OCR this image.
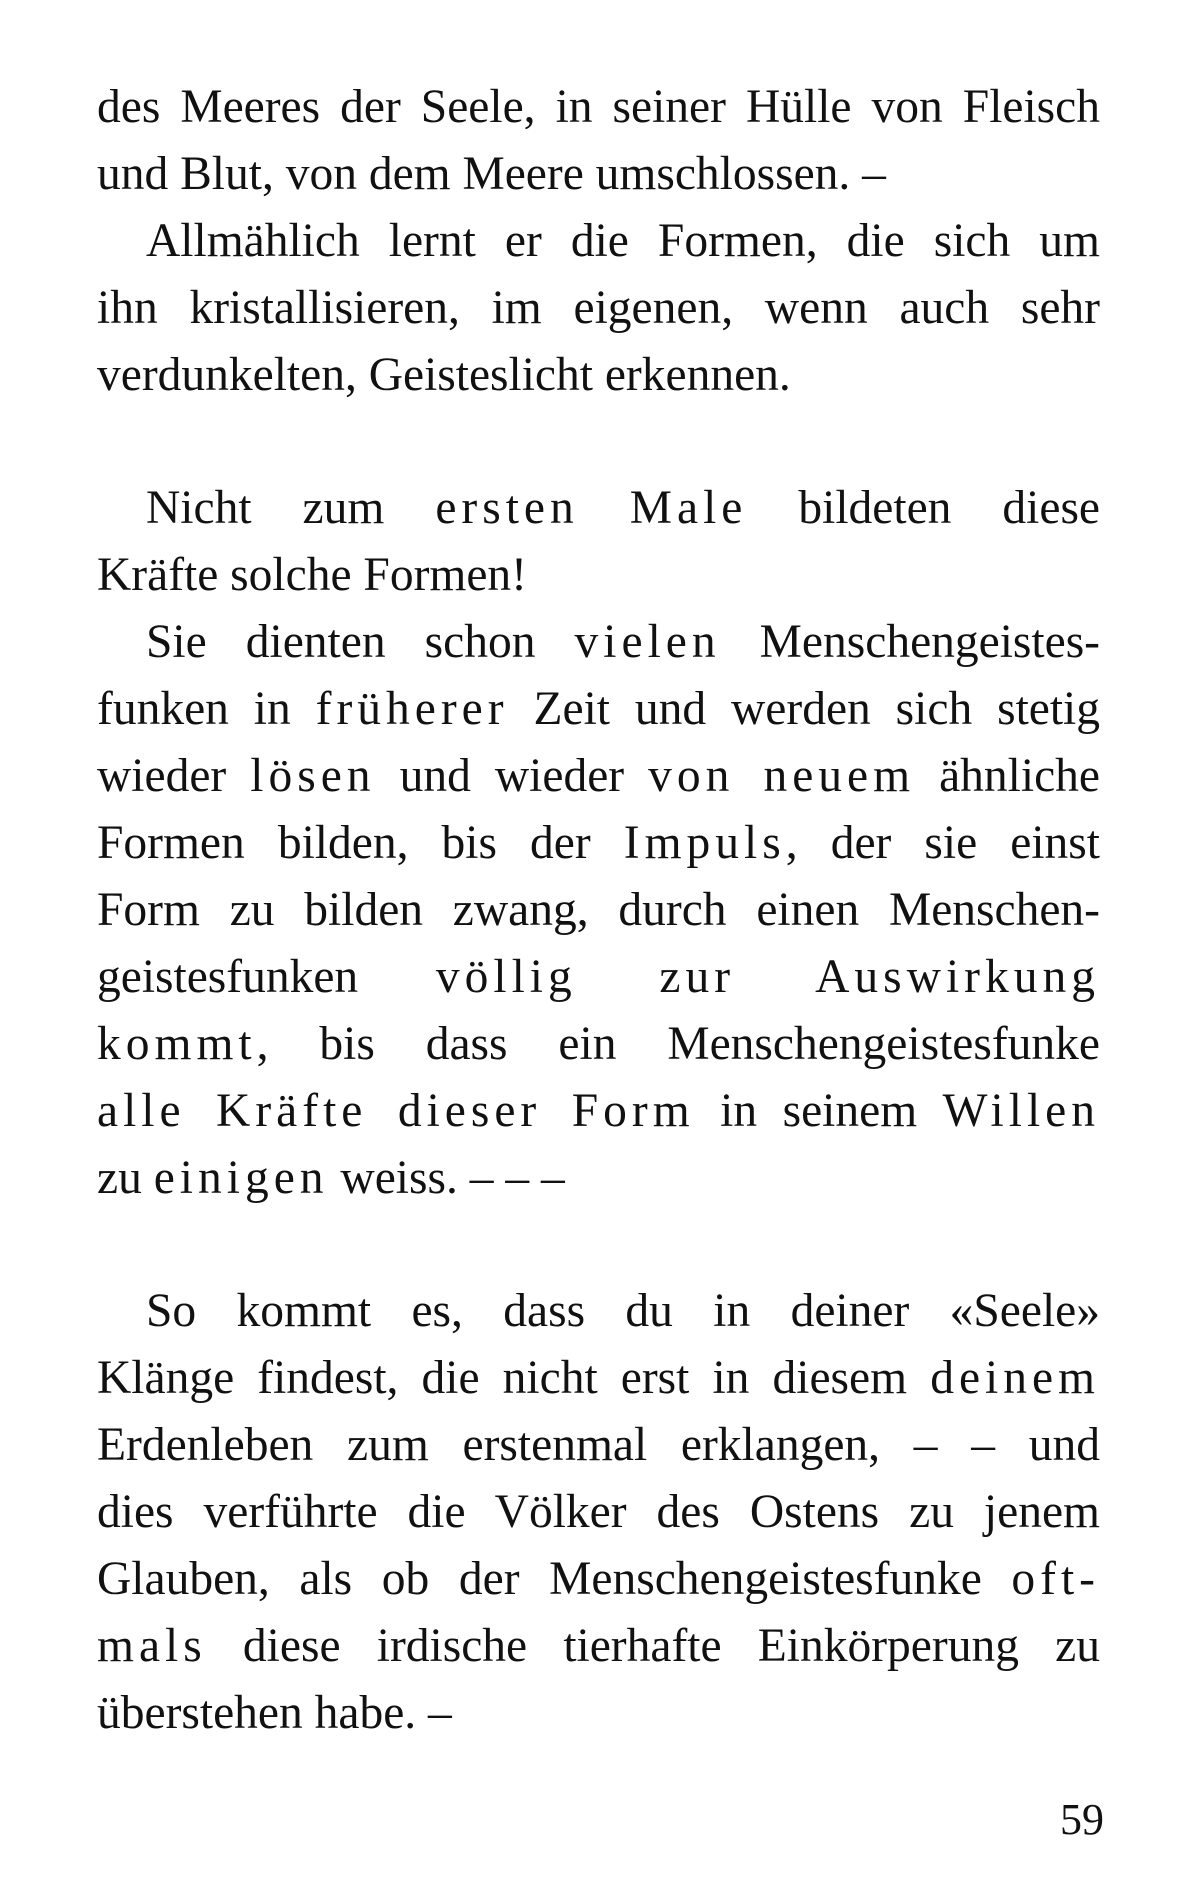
des Meeres der Seele, in seiner Hülle von Fleisch
und Blut, von dem Meere umschlossen. –
Allmählich lernt er die Formen, die sich um
ihn kristallisieren, im eigenen, wenn auch sehr
verdunkelten, Geisteslicht erkennen.
Nicht zum ersten Male bildeten diese
Kräfte solche Formen!
Sie dienten schon vielen Menschengeistes-
funken in früherer Zeit und werden sich stetig
wieder lösen und wieder von neuem ähnliche
Formen bilden, bis der Impuls, der sie einst
Form zu bilden zwang, durch einen Menschen-
geistesfunken völlig zur Auswirkung
kommt, bis dass ein Menschengeistesfunke
alle Kräfte dieser Form in seinem Willen
zu einigen weiss. – – –
So kommt es, dass du in deiner «Seele»
Klänge findest, die nicht erst in diesem deinem
Erdenleben zum erstenmal erklangen, – – und
dies verführte die Völker des Ostens zu jenem
Glauben, als ob der Menschengeistesfunke oft-
mals diese irdische tierhafte Einkörperung zu
überstehen habe. –
59
